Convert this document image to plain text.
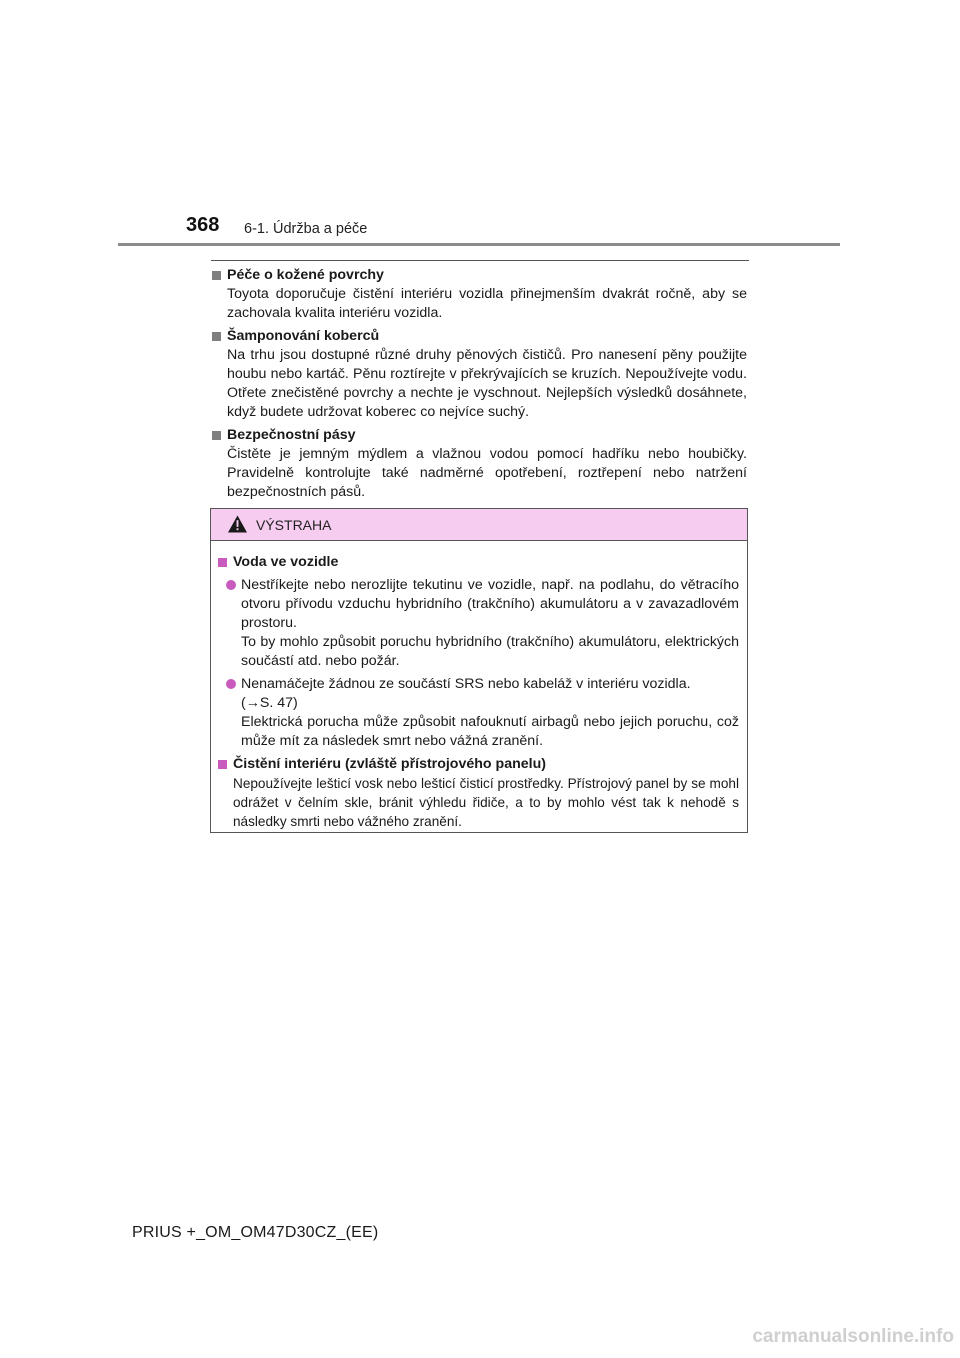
368 6-1. Údržba a péče
Péče o kožené povrchy
Toyota doporučuje čistění interiéru vozidla přinejmenším dvakrát ročně, aby se zachovala kvalita interiéru vozidla.
Šamponování koberců
Na trhu jsou dostupné různé druhy pěnových čističů. Pro nanesení pěny použijte houbu nebo kartáč. Pěnu roztírejte v překrývajících se kruzích. Nepoužívejte vodu. Otřete znečistěné povrchy a nechte je vyschnout. Nejlepších výsledků dosáhnete, když budete udržovat koberec co nejvíce suchý.
Bezpečnostní pásy
Čistěte je jemným mýdlem a vlažnou vodou pomocí hadříku nebo houbičky. Pravidelně kontrolujte také nadměrné opotřebení, roztřepení nebo natržení bezpečnostních pásů.
VÝSTRAHA
Voda ve vozidle
Nestříkejte nebo nerozlijte tekutinu ve vozidle, např. na podlahu, do větracího otvoru přívodu vzduchu hybridního (trakčního) akumulátoru a v zavazadlovém prostoru.
To by mohlo způsobit poruchu hybridního (trakčního) akumulátoru, elektrických součástí atd. nebo požár.
Nenamáčejte žádnou ze součástí SRS nebo kabeláž v interiéru vozidla.
(→S. 47)
Elektrická porucha může způsobit nafouknutí airbagů nebo jejich poruchu, což může mít za následek smrt nebo vážná zranění.
Čistění interiéru (zvláště přístrojového panelu)
Nepoužívejte lešticí vosk nebo lešticí čisticí prostředky. Přístrojový panel by se mohl odrážet v čelním skle, bránit výhledu řidiče, a to by mohlo vést tak k nehodě s následky smrti nebo vážného zranění.
PRIUS +_OM_OM47D30CZ_(EE)
carmanualsonline.info
